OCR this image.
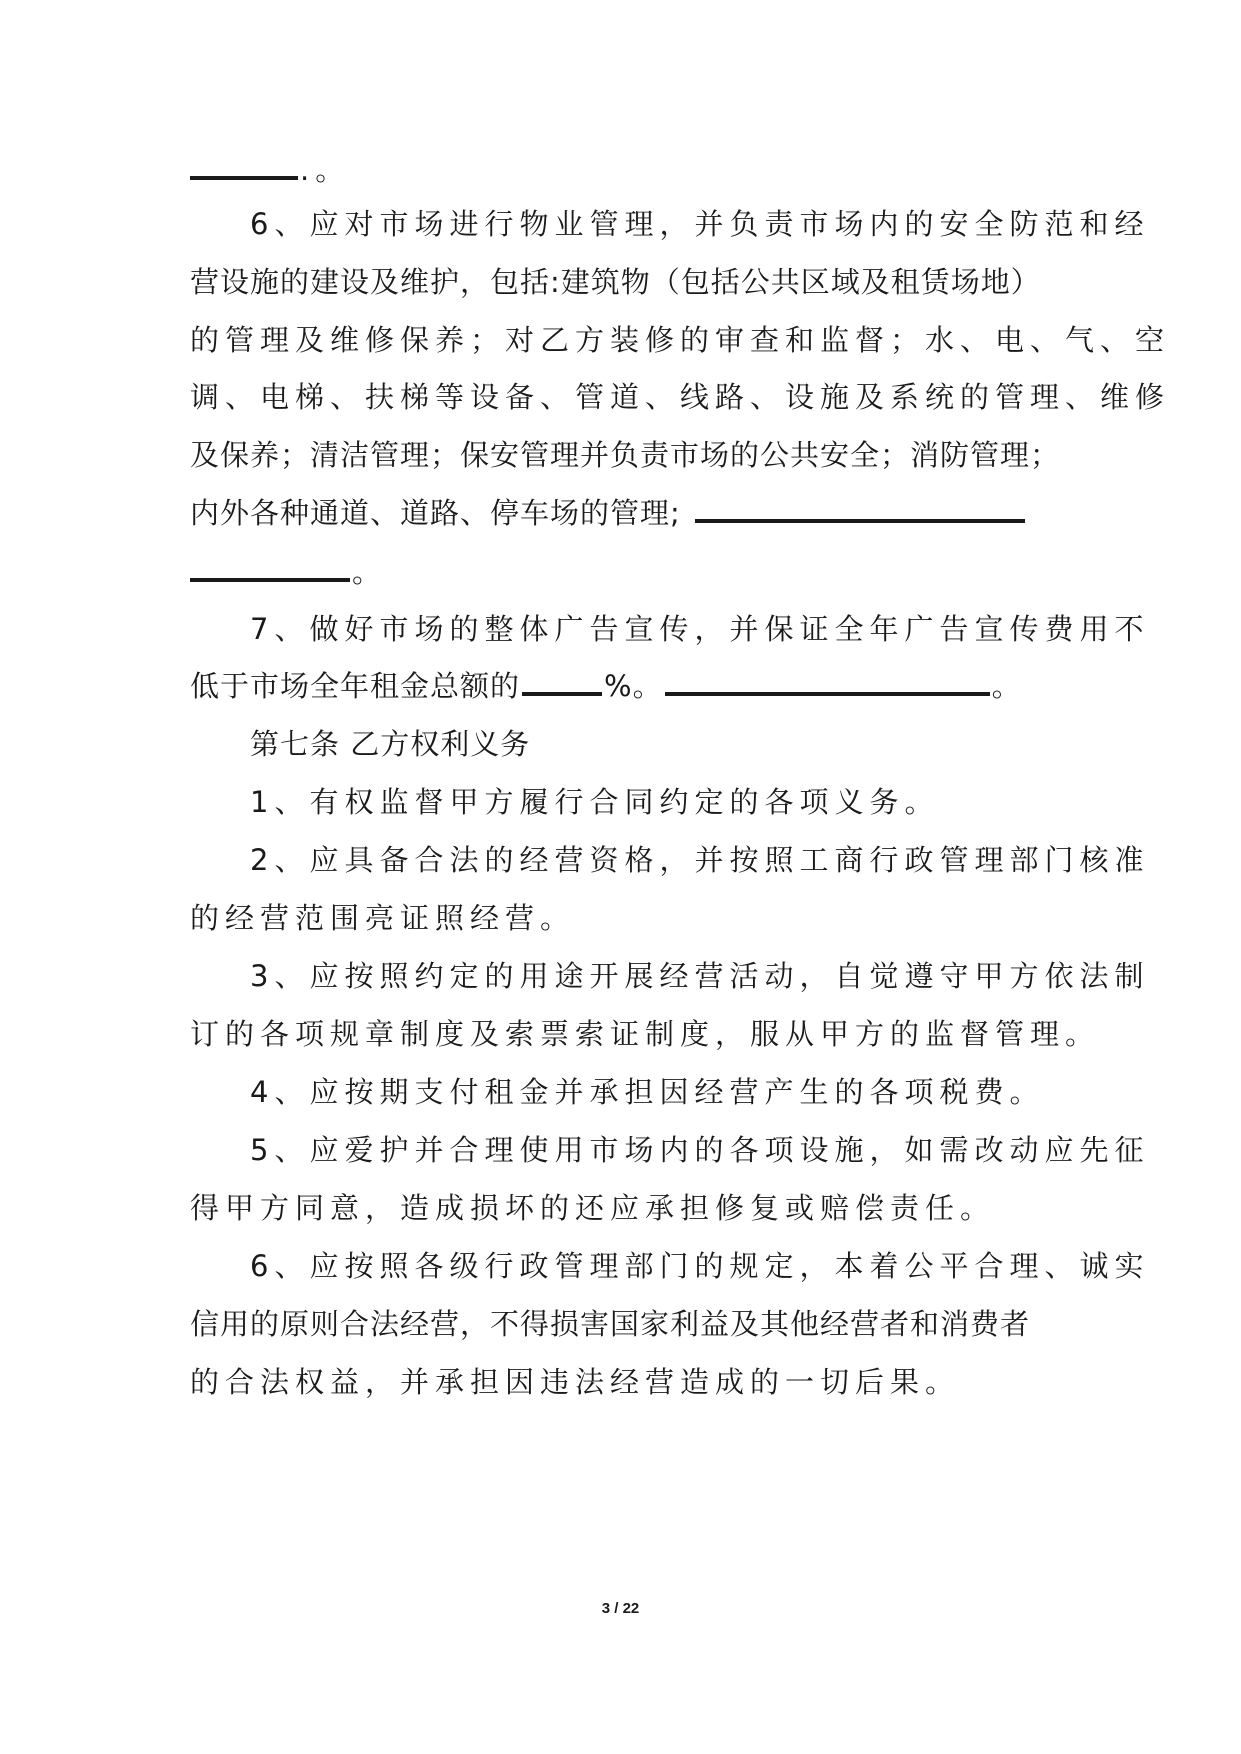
.。
6、应对市场进行物业管理，并负责市场内的安全防范和经
营设施的建设及维护，包括:建筑物（包括公共区域及租赁场地）
的管理及维修保养；对乙方装修的审查和监督；水、电、气、空
调、电梯、扶梯等设备、管道、线路、设施及系统的管理、维修
及保养；清洁管理；保安管理并负责市场的公共安全；消防管理；
内外各种通道、道路、停车场的管理;
。
7、做好市场的整体广告宣传，并保证全年广告宣传费用不
低于市场全年租金总额的	%。	。
第七条 乙方权利义务
1、有权监督甲方履行合同约定的各项义务。
2、应具备合法的经营资格，并按照工商行政管理部门核准
的经营范围亮证照经营。
3、应按照约定的用途开展经营活动，自觉遵守甲方依法制
订的各项规章制度及索票索证制度，服从甲方的监督管理。
4、应按期支付租金并承担因经营产生的各项税费。
5、应爱护并合理使用市场内的各项设施，如需改动应先征
得甲方同意，造成损坏的还应承担修复或赔偿责任。
6、应按照各级行政管理部门的规定，本着公平合理、诚实
信用的原则合法经营，不得损害国家利益及其他经营者和消费者
的合法权益，并承担因违法经营造成的一切后果。
3 / 22
